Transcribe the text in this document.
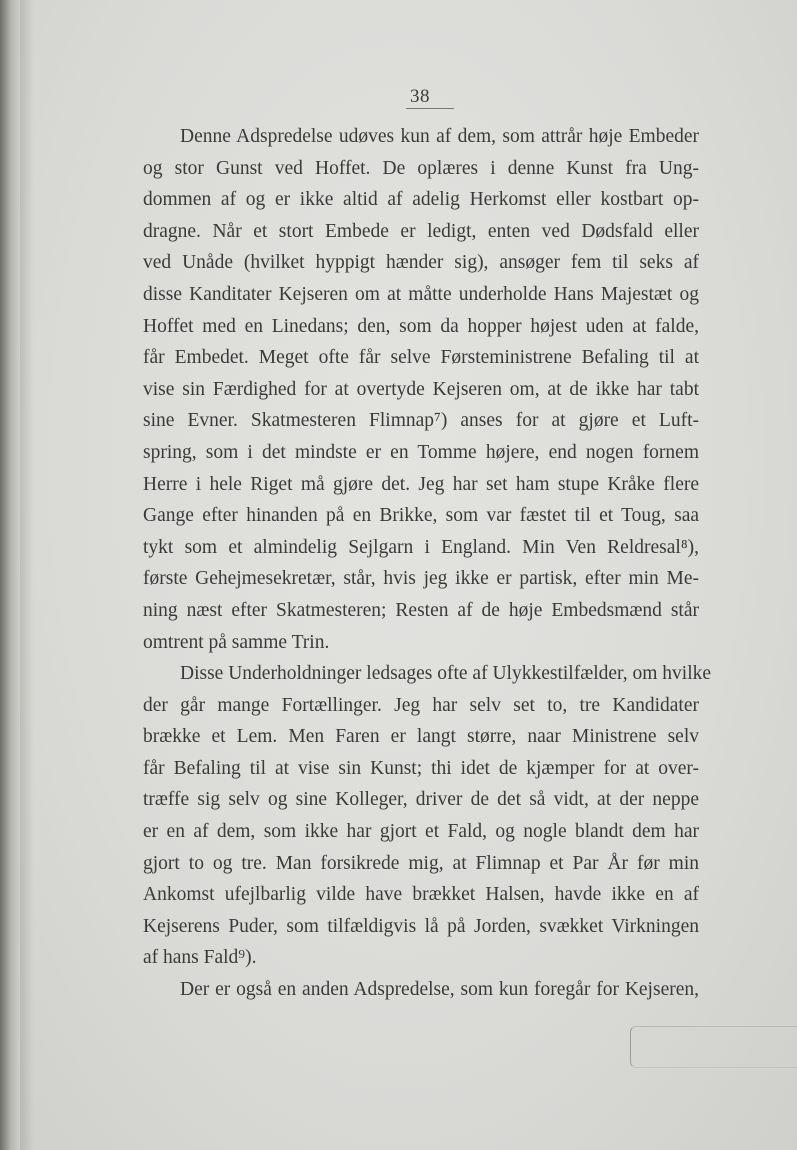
38
Denne Adspredelse udøves kun af dem, som attrår høje Embeder
og stor Gunst ved Hoffet. De oplæres i denne Kunst fra Ung-
dommen af og er ikke altid af adelig Herkomst eller kostbart op-
dragne. Når et stort Embede er ledigt, enten ved Dødsfald eller
ved Unåde (hvilket hyppigt hænder sig), ansøger fem til seks af
disse Kanditater Kejseren om at måtte underholde Hans Majestæt og
Hoffet med en Linedans; den, som da hopper højest uden at falde,
får Embedet. Meget ofte får selve Førsteministrene Befaling til at
vise sin Færdighed for at overtyde Kejseren om, at de ikke har tabt
sine Evner. Skatmesteren Flimnap⁷) anses for at gjøre et Luft-
spring, som i det mindste er en Tomme højere, end nogen fornem
Herre i hele Riget må gjøre det. Jeg har set ham stupe Kråke flere
Gange efter hinanden på en Brikke, som var fæstet til et Toug, saa
tykt som et almindelig Sejlgarn i England. Min Ven Reldresal⁸),
første Gehejmesekretær, står, hvis jeg ikke er partisk, efter min Me-
ning næst efter Skatmesteren; Resten af de høje Embedsmænd står
omtrent på samme Trin.
Disse Underholdninger ledsages ofte af Ulykkestilfælder, om hvilke
der går mange Fortællinger. Jeg har selv set to, tre Kandidater
brække et Lem. Men Faren er langt større, naar Ministrene selv
får Befaling til at vise sin Kunst; thi idet de kjæmper for at over-
træffe sig selv og sine Kolleger, driver de det så vidt, at der neppe
er en af dem, som ikke har gjort et Fald, og nogle blandt dem har
gjort to og tre. Man forsikrede mig, at Flimnap et Par År før min
Ankomst ufejlbarlig vilde have brækket Halsen, havde ikke en af
Kejserens Puder, som tilfældigvis lå på Jorden, svækket Virkningen
af hans Fald⁹).
Der er også en anden Adspredelse, som kun foregår for Kejseren,
